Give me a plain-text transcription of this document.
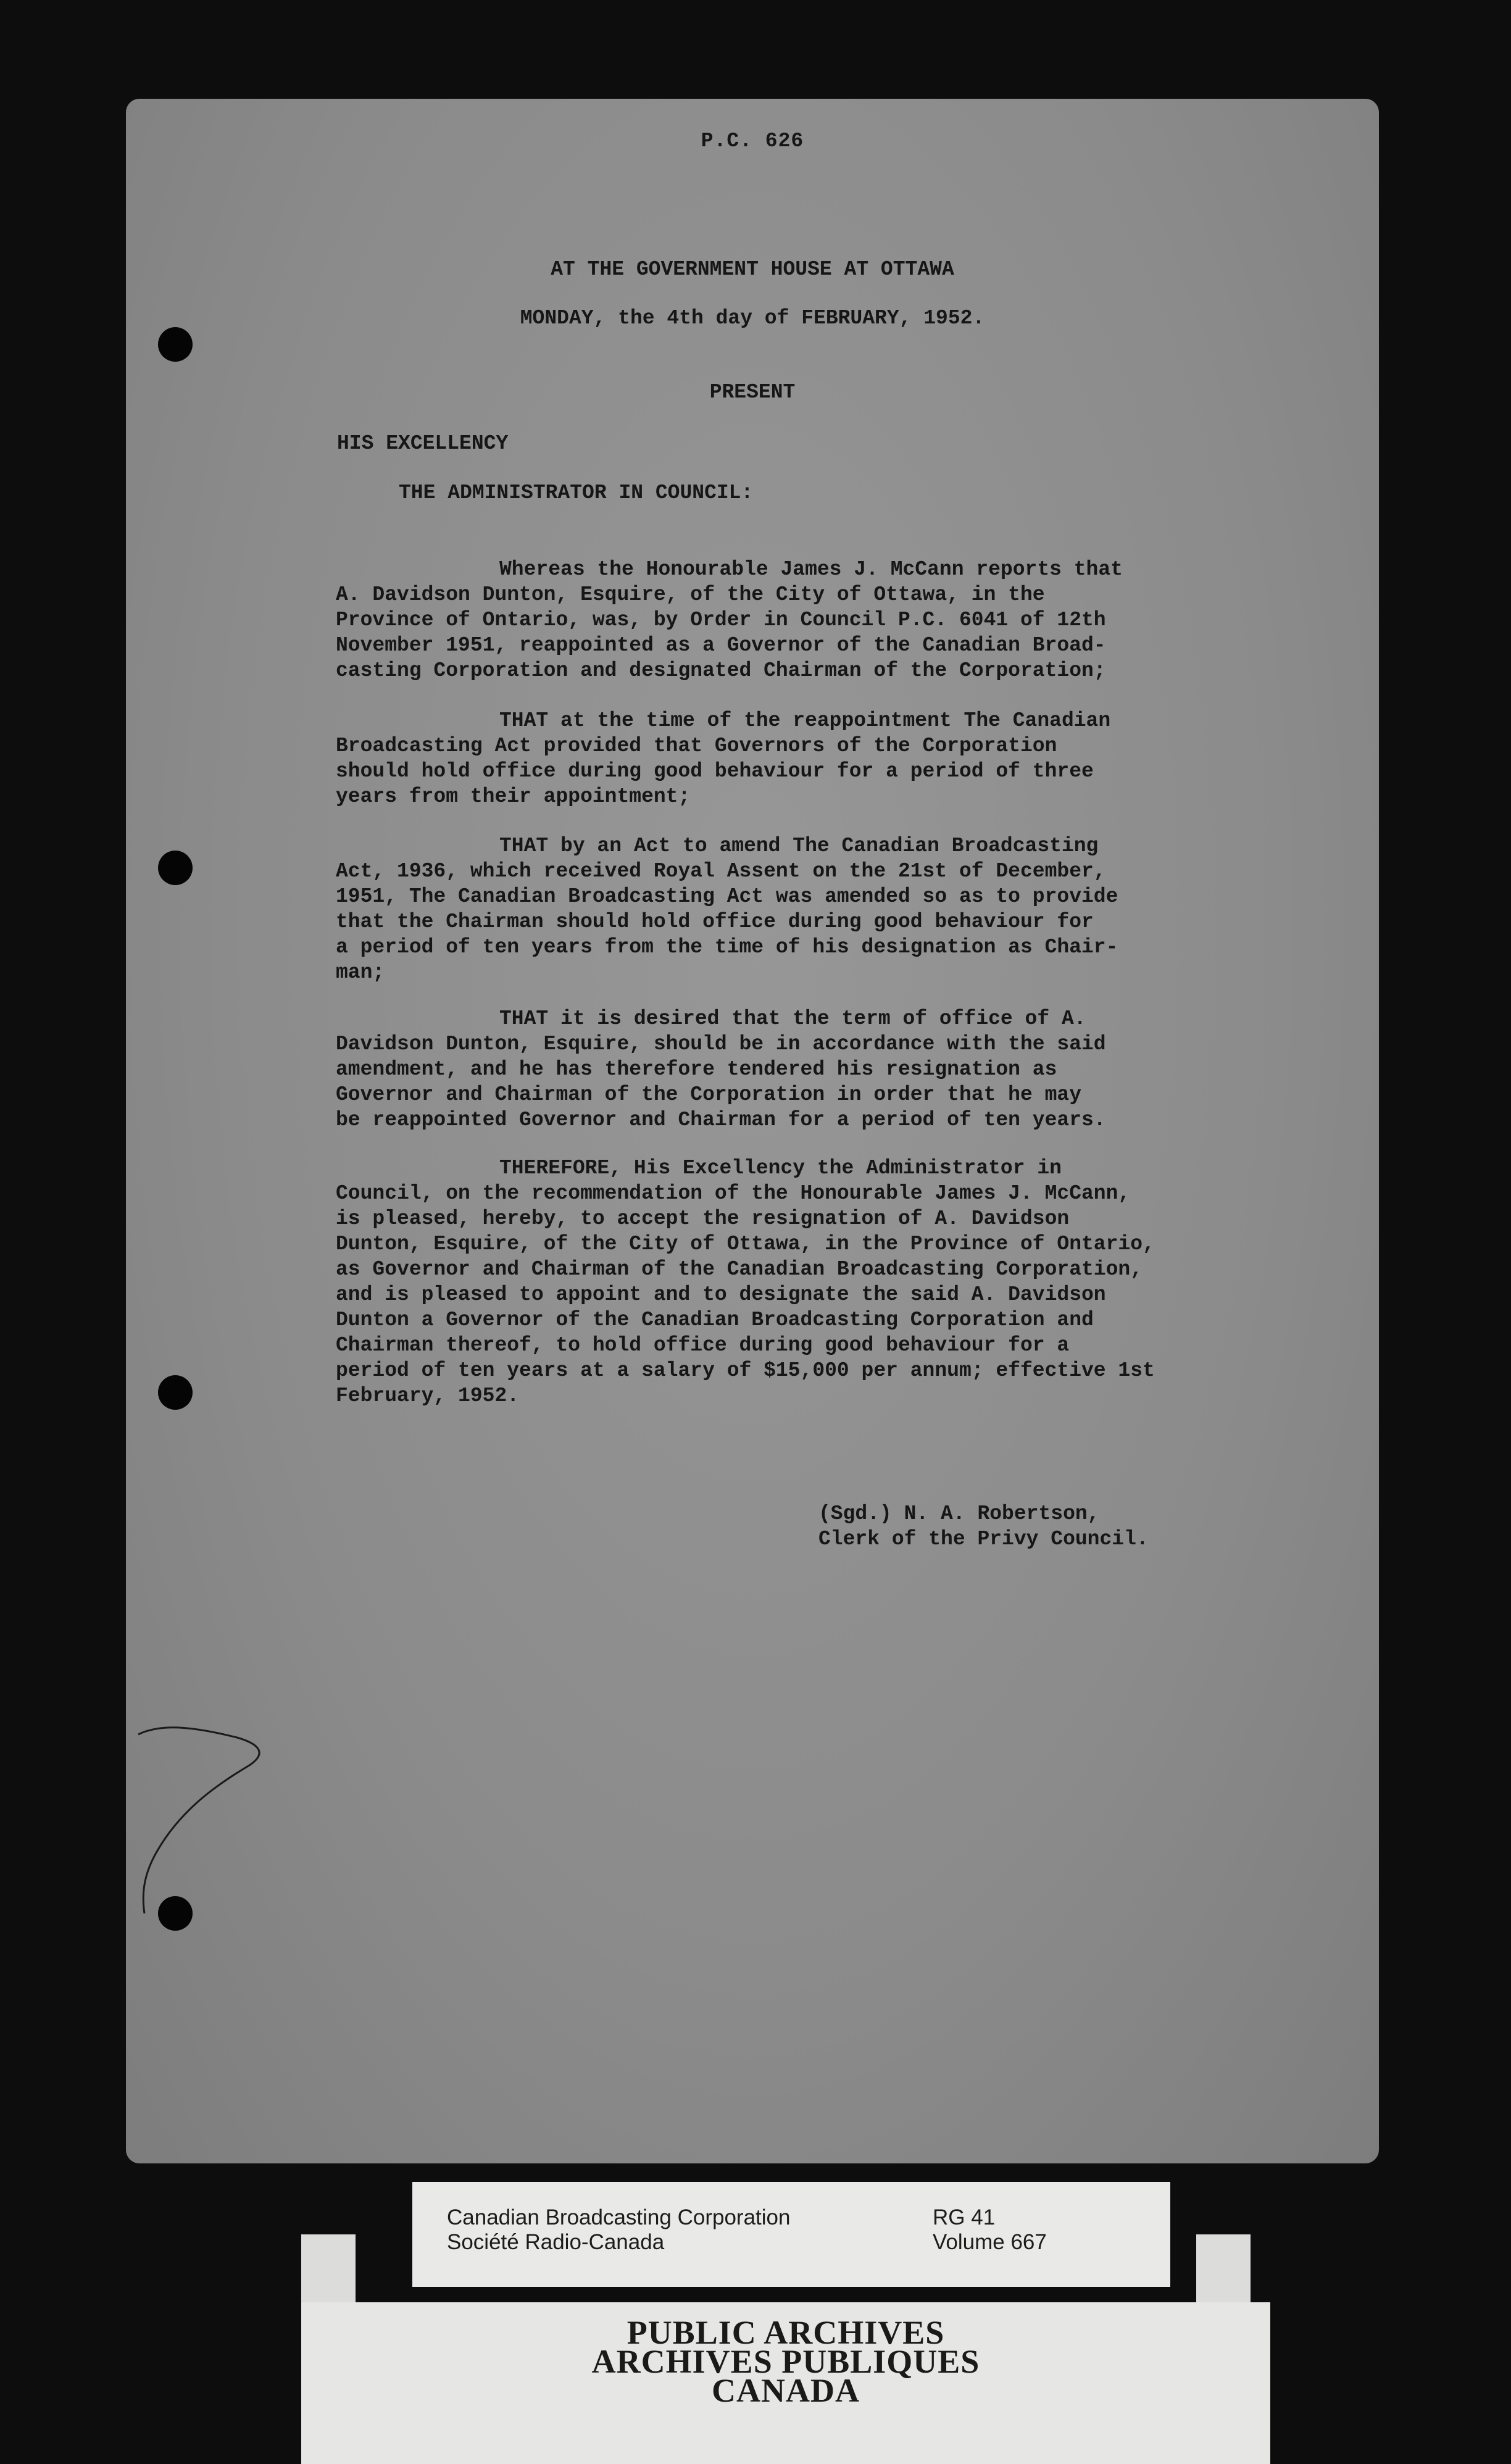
P.C. 626
AT THE GOVERNMENT HOUSE AT OTTAWA
MONDAY, the 4th day of FEBRUARY, 1952.
PRESENT
HIS EXCELLENCY
THE ADMINISTRATOR IN COUNCIL:

Whereas the Honourable James J. McCann reports that
A. Davidson Dunton, Esquire, of the City of Ottawa, in the
Province of Ontario, was, by Order in Council P.C. 6041 of 12th
November 1951, reappointed as a Governor of the Canadian Broad-
casting Corporation and designated Chairman of the Corporation;

THAT at the time of the reappointment The Canadian
Broadcasting Act provided that Governors of the Corporation
should hold office during good behaviour for a period of three
years from their appointment;

THAT by an Act to amend The Canadian Broadcasting
Act, 1936, which received Royal Assent on the 21st of December,
1951, The Canadian Broadcasting Act was amended so as to provide
that the Chairman should hold office during good behaviour for
a period of ten years from the time of his designation as Chair-
man;

THAT it is desired that the term of office of A.
Davidson Dunton, Esquire, should be in accordance with the said
amendment, and he has therefore tendered his resignation as
Governor and Chairman of the Corporation in order that he may
be reappointed Governor and Chairman for a period of ten years.

THEREFORE, His Excellency the Administrator in
Council, on the recommendation of the Honourable James J. McCann,
is pleased, hereby, to accept the resignation of A. Davidson
Dunton, Esquire, of the City of Ottawa, in the Province of Ontario,
as Governor and Chairman of the Canadian Broadcasting Corporation,
and is pleased to appoint and to designate the said A. Davidson
Dunton a Governor of the Canadian Broadcasting Corporation and
Chairman thereof, to hold office during good behaviour for a
period of ten years at a salary of $15,000 per annum; effective 1st
February, 1952.

(Sgd.) N. A. Robertson,
Clerk of the Privy Council.
Canadian Broadcasting Corporation
Société Radio-Canada
RG 41
Volume 667
PUBLIC ARCHIVES
ARCHIVES PUBLIQUES
CANADA
